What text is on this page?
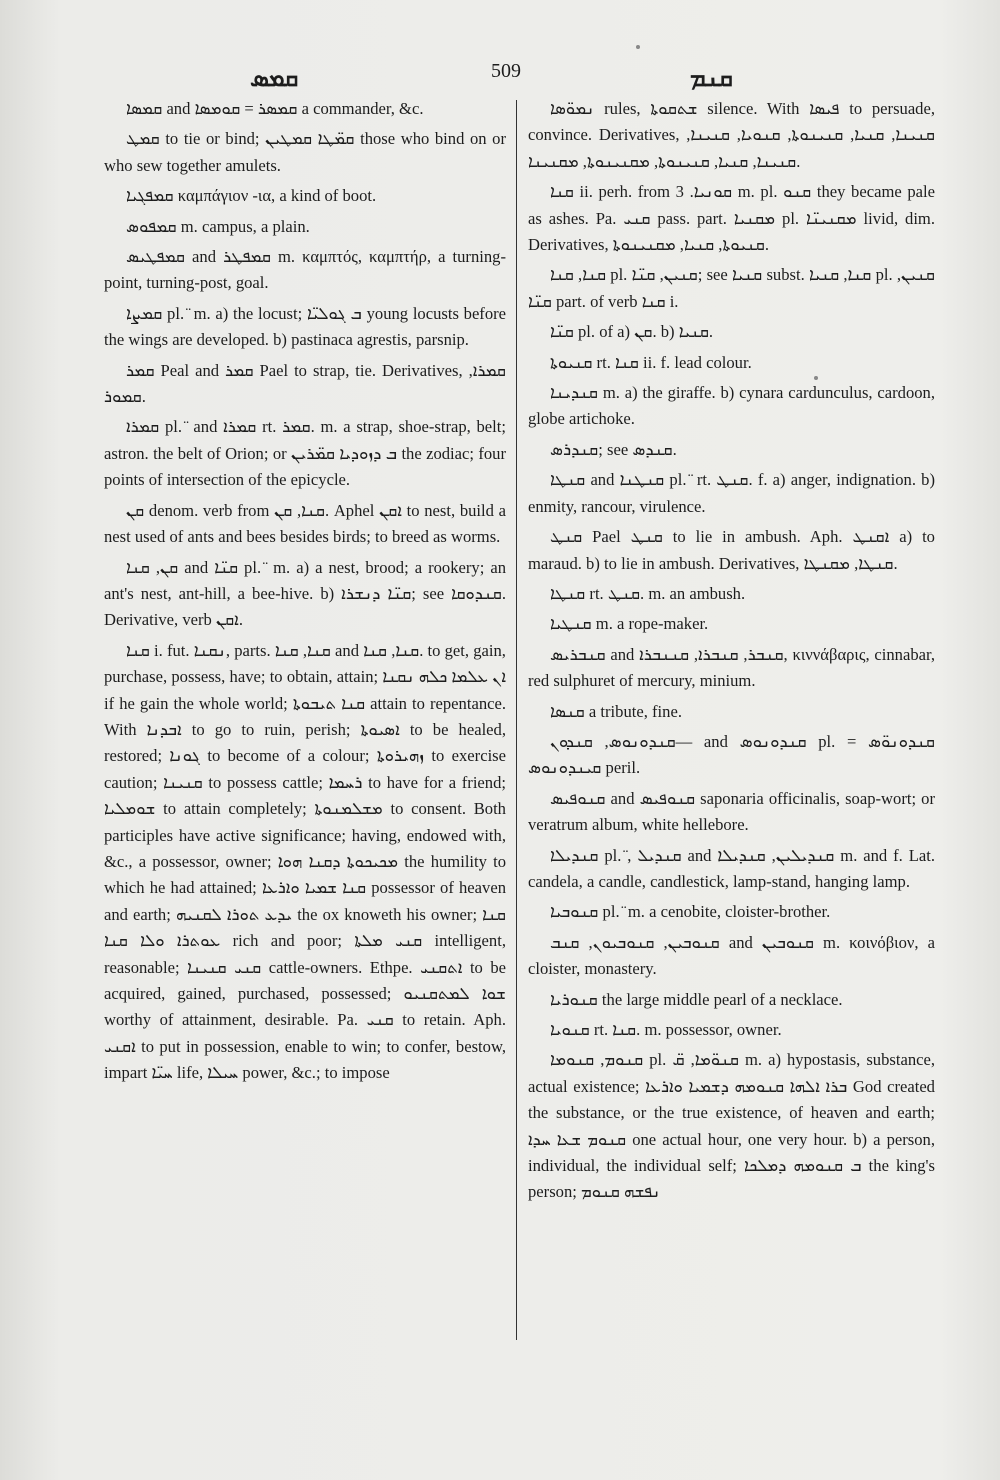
ܩܡܣ	509	ܩܢܡ

ܩܡܣܐ and ܩܡܣܪ = ܩܘܡܣܐ a commander, &c.

ܩܡܛ to tie or bind; ܩܡ̈ܛܐ ܩܡܛܝܢ those who bind on or who sew together amulets.

ܩܡܦܓܝܐ καμπάγιον -ια, a kind of boot.

ܩܡܦܘܣ m. campus, a plain.

ܩܡܦܛܝܣ and ܩܡܦܛܪ m. καμπτός, καμπτήρ, a turning-point, turning-post, goal.

ܩܡܨܐ pl. ̈ m. a) the locust; ܒ ܓܘܠܝ̈ܐ young locusts before the wings are developed. b) pastinaca agrestis, parsnip.

ܩܡܪ Peal and ܩܡܪ Pael to strap, tie. Derivatives, ܩܡܪܐ, ܩܡܘܪ.

ܩܡܪܐ pl. ̈ and ܩܡܪܐ rt. ܩܡܪ. m. a strap, shoe-strap, belt; astron. the belt of Orion; or ܒ ܕܙܘܕܝܐ ܩܡ̈ܪܝܢ the zodiac; four points of intersection of the epicycle.

ܩܢ denom. verb from ܩܢܐ, ܩܢ. Aphel ܐܩܢ to nest, build a nest used of ants and bees besides birds; to breed as worms.

ܩܢ, ܩܢܐ and ܩܢ̈ܐ pl. ̈ m. a) a nest, brood; a rookery; an ant's nest, ant-hill, a bee-hive. b) ܩܢ̈ܐ ܕܢܫܪܐ; see ܩܢܕܘܩܐ. Derivative, verb ܐܩܢ.

ܩܢܐ i. fut. ܢܩܢܐ, parts. ܩܢܐ, ܩܢܐ and ܩܢܐ, ܩܢܐ. to get, gain, purchase, possess, have; to obtain, attain; ܐܢ ܥܠܡܐ ܟܠܗ ܢܩܢܐ if he gain the whole world; ܩܢܐ ܬܝܒܘܬܐ attain to repentance. With ܐܒܕܢܐ to go to ruin, perish; ܐܣܝܘܬܐ to be healed, restored; ܓܘܢܐ to become of a colour; ܙܗܝܪܘܬܐ to exercise caution; ܩܢܝܢܐ to possess cattle; ܪܚܡܐ to have for a friend; ܫܘܡܠܝܐ to attain completely; ܡܫܠܡܢܘܬܐ to consent. Both participles have active significance; having, endowed with, &c., a possessor, owner; ܡܟܝܟܘܬܐ ܕܩܢܐ ܗܘܐ the humility to which he had attained; ܩܢܐ ܫܡܝܐ ܘܐܪܥܐ possessor of heaven and earth; ܝܕܥ ܬܘܪܐ ܠܩܢܝܗ the ox knoweth his owner; ܩܢܐ ܥܘܬܪܐ ܘܠܐ ܩܢܐ rich and poor; ܩܢܝ ܡܠܬܐ intelligent, reasonable; ܩܢܝ ܩܢܝܢܐ cattle-owners. Ethpe. ܐܬܩܢܝ to be acquired, gained, purchased, possessed; ܫܘܐ ܠܡܬܩܢܝܘ worthy of attainment, desirable. Pa. ܩܢܝ to retain. Aph. ܐܩܢܝ to put in possession, enable to win; to confer, bestow, impart ܚܝ̈ܐ life, ܚܝܠܐ power, &c.; to impose

ܢܡܘ̈ܣܐ rules, ܫܬܩܘܬܐ silence. With ܦܝܣܐ to persuade, convince. Derivatives, ܩܢܝܢܐ, ܩܢܝܐ, ܩܢܝܢܘܬܐ, ܩܢܘܝܐ, ܩܢܝܢܐ, ܩܢܝܢܐ, ܩܢܝܐ, ܩܢܝܢܘܬܐ, ܡܩܢܝܢܘܬܐ, ܡܩܢܝܢܐ.

ܩܢܐ ii. perh. from ܩܘܢܝܐ. 3 m. pl. ܩܢܘ they became pale as ashes. Pa. ܩܢܝ pass. part. ܡܩܢܝܐ pl. ܡܩܢܝܢ̈ܐ livid, dim. Derivatives, ܩܢܝܘܬܐ, ܩܢܝܐ, ܡܩܢܝܢܘܬܐ.

ܩܢܐ, ܩܢܐ pl. ܩܢܝܢ, ܩܢ̈ܐ; see ܩܢܝܐ subst. ܩܢܐ, ܩܢܝܐ pl. ܩܢܝܢ, ܩܢ̈ܐ part. of verb ܩܢܐ i.

ܩܢ̈ܐ pl. of a) ܩܢ. b) ܩܢܝܐ.

ܩܢܝܘܬܐ rt. ܩܢܐ ii. f. lead colour.

ܩܢܕܝܢܐ m. a) the giraffe. b) cynara cardunculus, cardoon, globe artichoke.

ܩܢܕܪܣ; see ܩܢܕܣ.

ܩܢܛܐ and ܩܢܛܢܐ pl. ̈ rt. ܩܢܛ. f. a) anger, indignation. b) enmity, rancour, virulence.

ܩܢܛ Pael ܩܢܛ to lie in ambush. Aph. ܐܩܢܛ a) to maraud. b) to lie in ambush. Derivatives, ܩܢܛܐ, ܡܩܢܛܐ.

ܩܢܛܐ rt. ܩܢܛ. m. an ambush.

ܩܢܛܝܐ m. a rope-maker.

ܩܢܒܪܝܣ and ܩܢܒܪ, ܩܢܒܪܐ, ܩܢܢܒܪܐ, κιννάβαρις, cinnabar, red sulphuret of mercury, minium.

ܩܢܣܐ a tribute, fine.

ܩܢܕܘܢܘܣ, ܩܢܕܘܢ— and ܩܢܕܘܢܘܣ pl. ܩܢܕܘܢܘ̈ܣ = ܩܝܢܕܘܢܘܣ peril.

ܩܢܘܦܝܣ and ܩܢܘܦܝܣ saponaria officinalis, soap-wort; or veratrum album, white hellebore.

ܩܢܕܝܠܐ pl. ̈, ܩܢܕܝܠ and ܩܢܕܝܠܝܢ, ܩܢܕܝܠܐ m. and f. Lat. candela, a candle, candlestick, lamp-stand, hanging lamp.

ܩܢܘܒܝܐ pl. ̈ m. a cenobite, cloister-brother.

ܩܢܘܒܝܢ, ܩܢܘܒܝܘܢ, ܩܢܒ and ܩܢܘܒܝܢ m. κοινόβιον, a cloister, monastery.

ܩܢܘܪܝܐ the large middle pearl of a necklace.

ܩܢܘܝܐ rt. ܩܢܐ. m. possessor, owner.

ܩܢܘܡ, ܩܢܘܡܐ pl. ܩܢܘ̈ܡܐ, ܩ̈ m. a) hypostasis, substance, actual existence; ܒܪܐ ܐܠܗܐ ܩܢܘܡܗ ܕܫܡܝܐ ܘܐܪܥܐ God created the substance, or the true existence, of heaven and earth; ܩܢܘܡ ܫܥܐ ܚܕܐ one actual hour, one very hour. b) a person, individual, the individual self; ܒ ܩܢܘܡܗ ܕܡܠܟܐ the king's person; ܢܦܫܗ ܩܢܘܡ
